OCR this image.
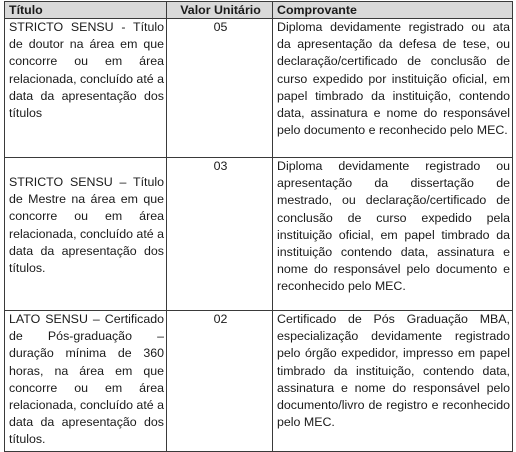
Título	Valor Unitário	Comprovante
STRICTO SENSU - Título de doutor na área em que concorre ou em área relacionada, concluído até a data da apresentação dos títulos	05	Diploma devidamente registrado ou ata da apresentação da defesa de tese, ou declaração/certificado de conclusão de curso expedido por instituição oficial, em papel timbrado da instituição, contendo data, assinatura e nome do responsável pelo documento e reconhecido pelo MEC.
STRICTO SENSU – Título de Mestre na área em que concorre ou em área relacionada, concluído até a data da apresentação dos títulos.	03	Diploma devidamente registrado ou apresentação da dissertação de mestrado, ou declaração/certificado de conclusão de curso expedido pela instituição oficial, em papel timbrado da instituição contendo data, assinatura e nome do responsável pelo documento e reconhecido pelo MEC.
LATO SENSU – Certificado de Pós-graduação – duração mínima de 360 horas, na área em que concorre ou em área relacionada, concluído até a data da apresentação dos títulos.	02	Certificado de Pós Graduação MBA, especialização devidamente registrado pelo órgão expedidor, impresso em papel timbrado da instituição, contendo data, assinatura e nome do responsável pelo documento/livro de registro e reconhecido pelo MEC.
